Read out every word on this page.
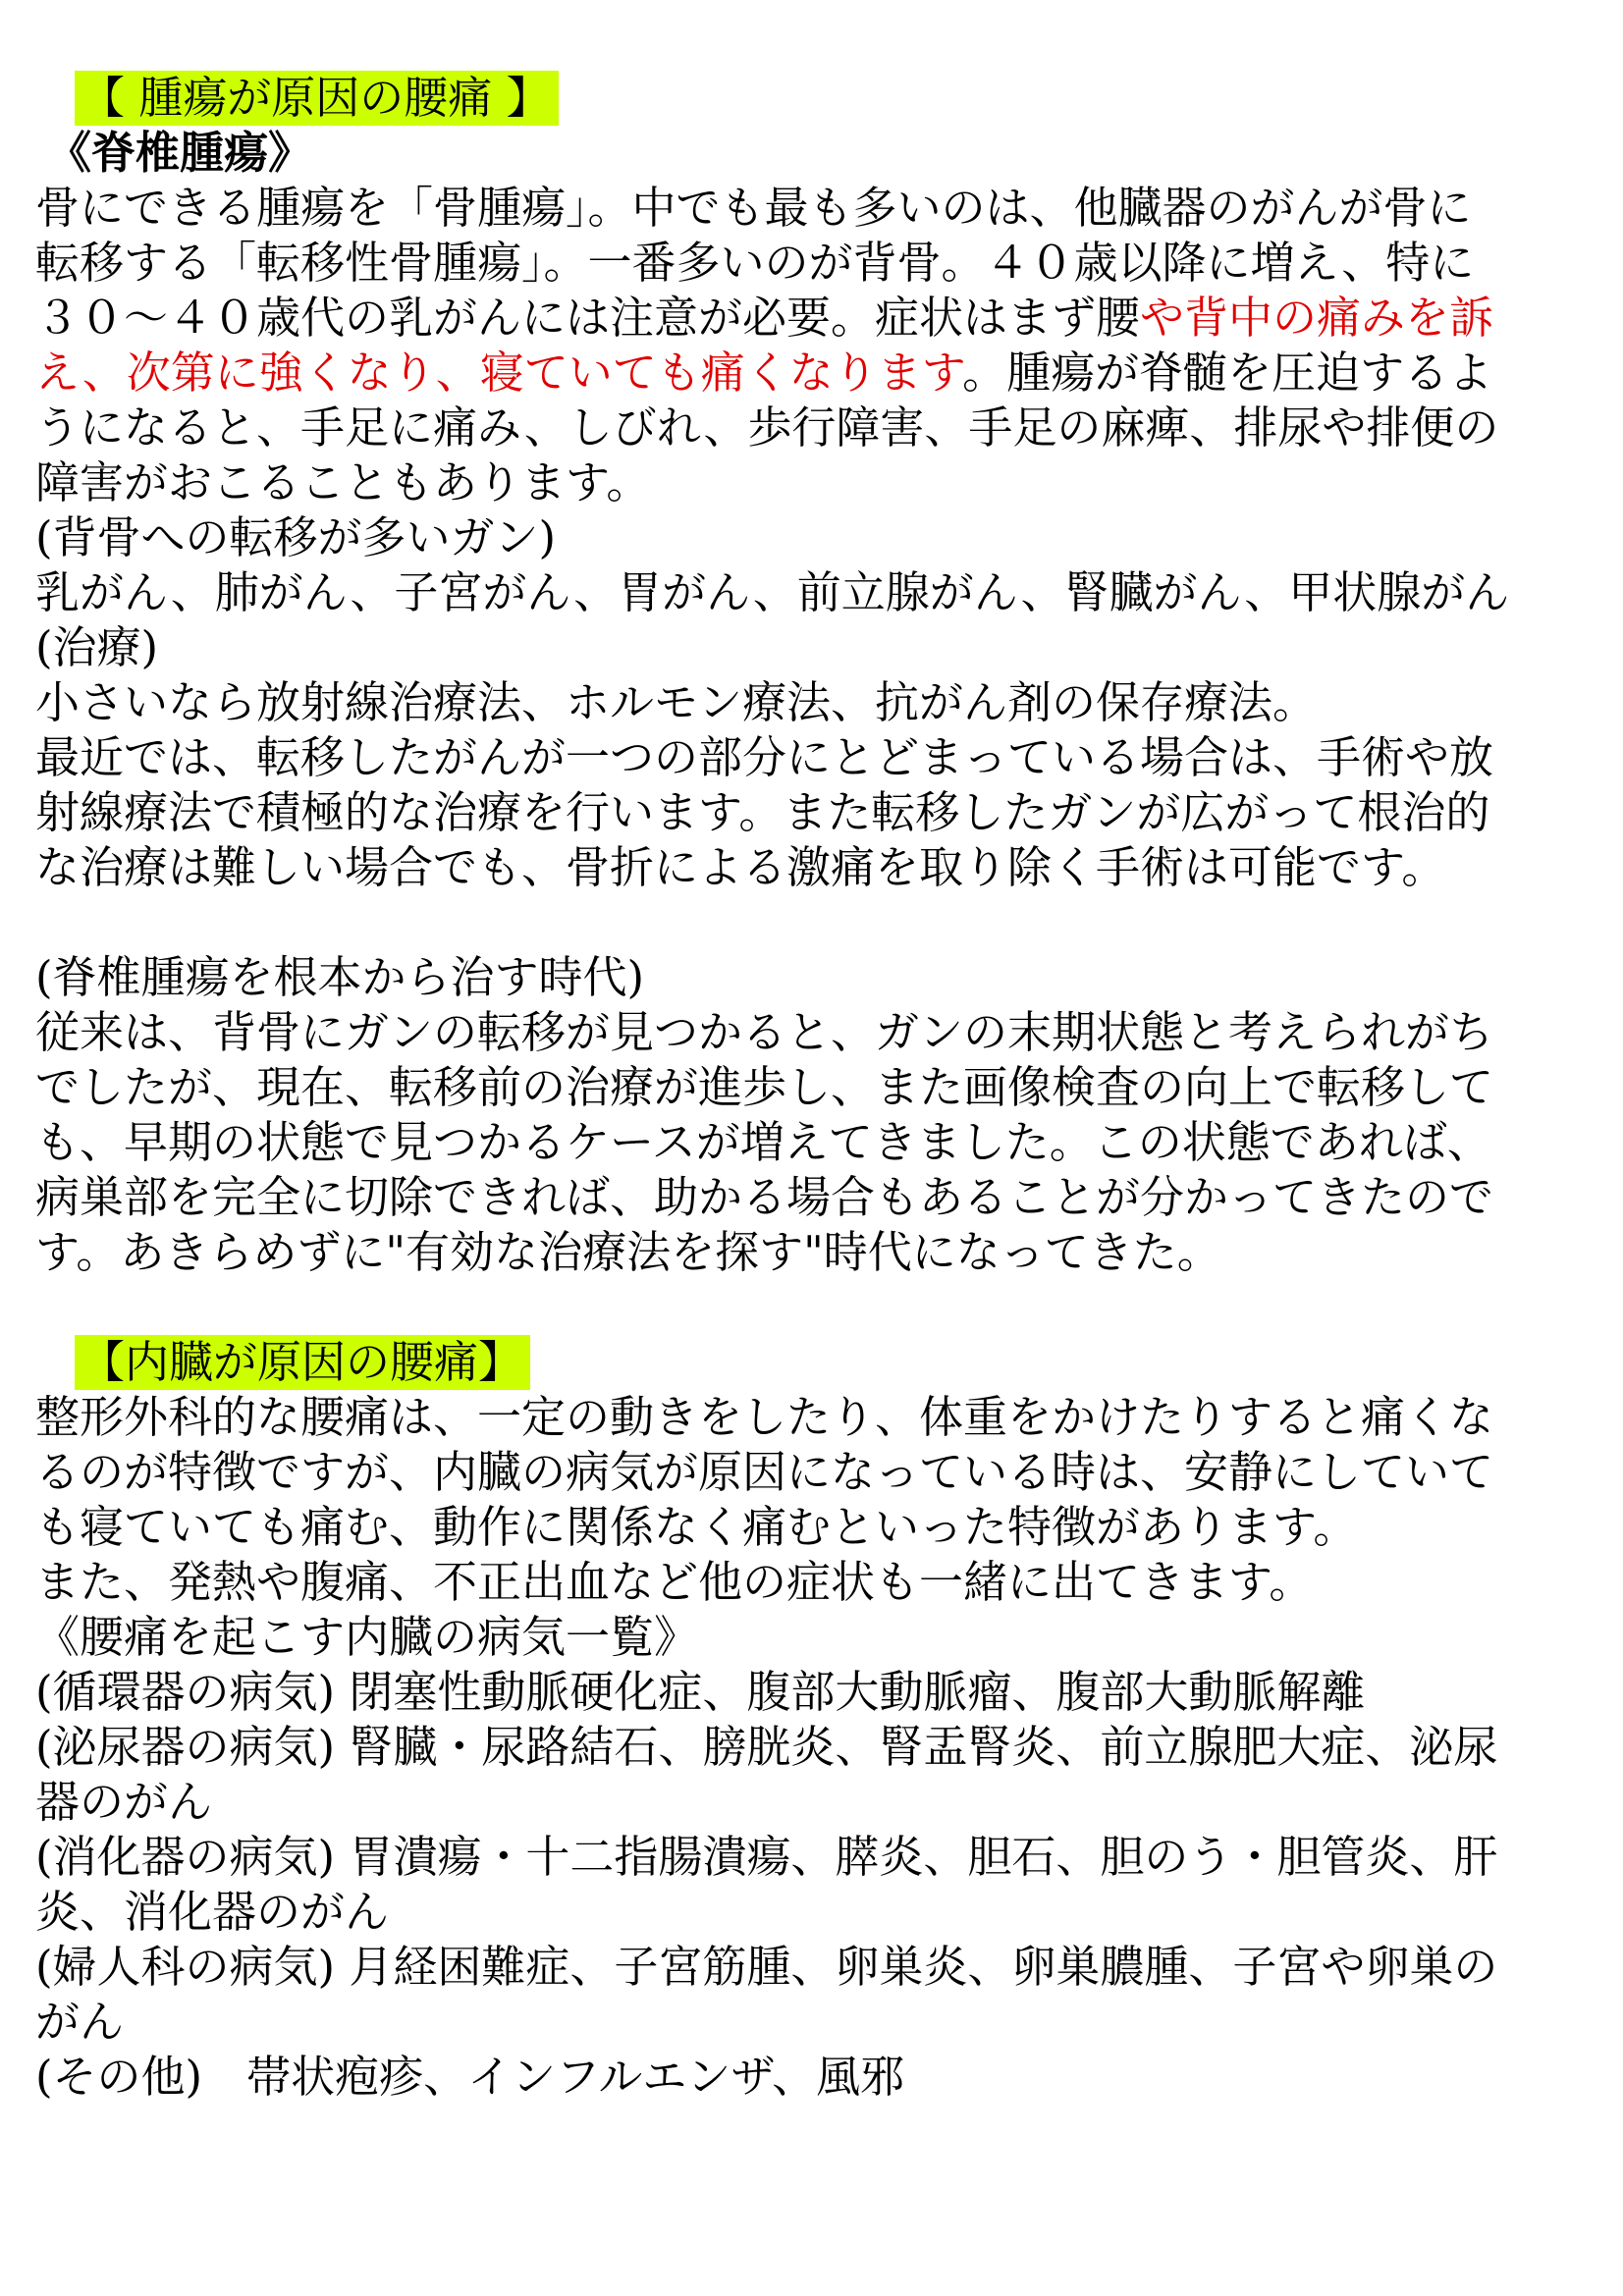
【 腫瘍が原因の腰痛 】
《脊椎腫瘍》
骨にできる腫瘍を「骨腫瘍」。中でも最も多いのは、他臓器のがんが骨に
転移する「転移性骨腫瘍」。一番多いのが背骨。４０歳以降に増え、特に
３０～４０歳代の乳がんには注意が必要。症状はまず腰や背中の痛みを訴
え、次第に強くなり、寝ていても痛くなります。腫瘍が脊髄を圧迫するよ
うになると、手足に痛み、しびれ、歩行障害、手足の麻痺、排尿や排便の
障害がおこることもあります。
(背骨への転移が多いガン)
乳がん、肺がん、子宮がん、胃がん、前立腺がん、腎臓がん、甲状腺がん
(治療)
小さいなら放射線治療法、ホルモン療法、抗がん剤の保存療法。
最近では、転移したがんが一つの部分にとどまっている場合は、手術や放
射線療法で積極的な治療を行います。また転移したガンが広がって根治的
な治療は難しい場合でも、骨折による激痛を取り除く手術は可能です。
(脊椎腫瘍を根本から治す時代)
従来は、背骨にガンの転移が見つかると、ガンの末期状態と考えられがち
でしたが、現在、転移前の治療が進歩し、また画像検査の向上で転移して
も、早期の状態で見つかるケースが増えてきました。この状態であれば、
病巣部を完全に切除できれば、助かる場合もあることが分かってきたので
す。あきらめずに"有効な治療法を探す"時代になってきた。
【内臓が原因の腰痛】
整形外科的な腰痛は、一定の動きをしたり、体重をかけたりすると痛くな
るのが特徴ですが、内臓の病気が原因になっている時は、安静にしていて
も寝ていても痛む、動作に関係なく痛むといった特徴があります。
また、発熱や腹痛、不正出血など他の症状も一緒に出てきます。
《腰痛を起こす内臓の病気一覧》
(循環器の病気) 閉塞性動脈硬化症、腹部大動脈瘤、腹部大動脈解離
(泌尿器の病気) 腎臓・尿路結石、膀胱炎、腎盂腎炎、前立腺肥大症、泌尿
器のがん
(消化器の病気) 胃潰瘍・十二指腸潰瘍、膵炎、胆石、胆のう・胆管炎、肝
炎、消化器のがん
(婦人科の病気) 月経困難症、子宮筋腫、卵巣炎、卵巣膿腫、子宮や卵巣の
がん
(その他)　帯状疱疹、インフルエンザ、風邪
